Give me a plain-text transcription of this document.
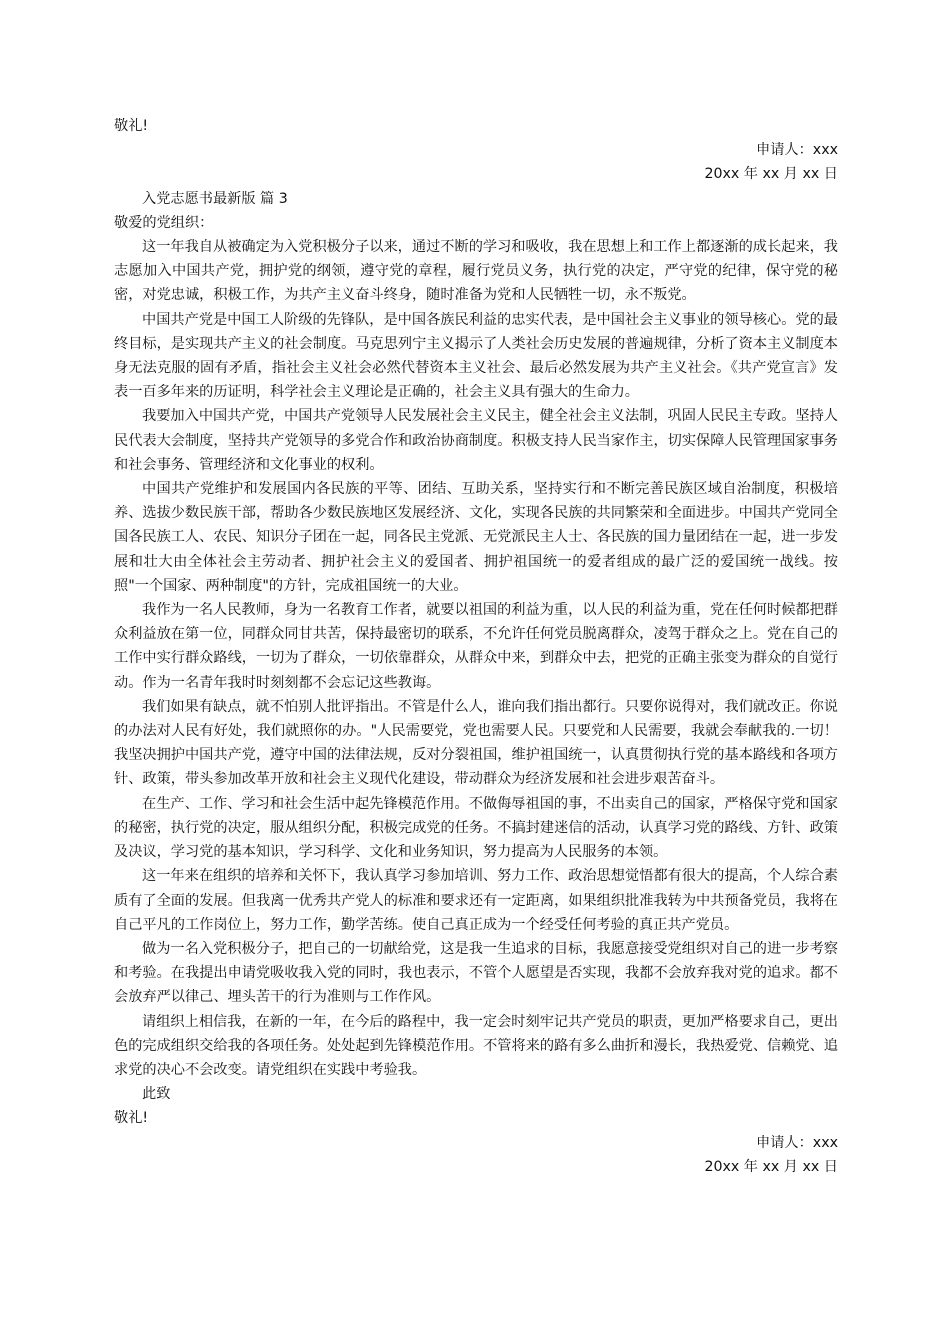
敬礼!

申请人：xxx

20xx 年 xx 月 xx 日

入党志愿书最新版 篇 3

敬爱的党组织：

这一年我自从被确定为入党积极分子以来，通过不断的学习和吸收，我在思想上和工作上都逐渐的成长起来，我志愿加入中国共产党，拥护党的纲领，遵守党的章程，履行党员义务，执行党的决定，严守党的纪律，保守党的秘密，对党忠诚，积极工作，为共产主义奋斗终身，随时准备为党和人民牺牲一切，永不叛党。

中国共产党是中国工人阶级的先锋队，是中国各族民利益的忠实代表，是中国社会主义事业的领导核心。党的最终目标，是实现共产主义的社会制度。马克思列宁主义揭示了人类社会历史发展的普遍规律，分析了资本主义制度本身无法克服的固有矛盾，指社会主义社会必然代替资本主义社会、最后必然发展为共产主义社会。《共产党宣言》发表一百多年来的历证明，科学社会主义理论是正确的，社会主义具有强大的生命力。

我要加入中国共产党，中国共产党领导人民发展社会主义民主，健全社会主义法制，巩固人民民主专政。坚持人民代表大会制度，坚持共产党领导的多党合作和政治协商制度。积极支持人民当家作主，切实保障人民管理国家事务和社会事务、管理经济和文化事业的权利。

中国共产党维护和发展国内各民族的平等、团结、互助关系，坚持实行和不断完善民族区域自治制度，积极培养、选拔少数民族干部，帮助各少数民族地区发展经济、文化，实现各民族的共同繁荣和全面进步。中国共产党同全国各民族工人、农民、知识分子团在一起，同各民主党派、无党派民主人士、各民族的国力量团结在一起，进一步发展和壮大由全体社会主劳动者、拥护社会主义的爱国者、拥护祖国统一的爱者组成的最广泛的爱国统一战线。按照"一个国家、两种制度"的方针，完成祖国统一的大业。

我作为一名人民教师，身为一名教育工作者，就要以祖国的利益为重，以人民的利益为重，党在任何时候都把群众利益放在第一位，同群众同甘共苦，保持最密切的联系，不允许任何党员脱离群众，凌驾于群众之上。党在自己的工作中实行群众路线，一切为了群众，一切依靠群众，从群众中来，到群众中去，把党的正确主张变为群众的自觉行动。作为一名青年我时时刻刻都不会忘记这些教诲。

我们如果有缺点，就不怕别人批评指出。不管是什么人，谁向我们指出都行。只要你说得对，我们就改正。你说的办法对人民有好处，我们就照你的办。"人民需要党，党也需要人民。只要党和人民需要，我就会奉献我的.一切！我坚决拥护中国共产党，遵守中国的法律法规，反对分裂祖国，维护祖国统一，认真贯彻执行党的基本路线和各项方针、政策，带头参加改革开放和社会主义现代化建设，带动群众为经济发展和社会进步艰苦奋斗。

在生产、工作、学习和社会生活中起先锋模范作用。不做侮辱祖国的事，不出卖自己的国家，严格保守党和国家的秘密，执行党的决定，服从组织分配，积极完成党的任务。不搞封建迷信的活动，认真学习党的路线、方针、政策及决议，学习党的基本知识，学习科学、文化和业务知识，努力提高为人民服务的本领。

这一年来在组织的培养和关怀下，我认真学习参加培训、努力工作、政治思想觉悟都有很大的提高，个人综合素质有了全面的发展。但我离一优秀共产党人的标准和要求还有一定距离，如果组织批准我转为中共预备党员，我将在自己平凡的工作岗位上，努力工作，勤学苦练。使自己真正成为一个经受任何考验的真正共产党员。

做为一名入党积极分子，把自己的一切献给党，这是我一生追求的目标，我愿意接受党组织对自己的进一步考察和考验。在我提出申请党吸收我入党的同时，我也表示，不管个人愿望是否实现，我都不会放弃我对党的追求。都不会放弃严以律己、埋头苦干的行为准则与工作作风。

请组织上相信我，在新的一年，在今后的路程中，我一定会时刻牢记共产党员的职责，更加严格要求自己，更出色的完成组织交给我的各项任务。处处起到先锋模范作用。不管将来的路有多么曲折和漫长，我热爱党、信赖党、追求党的决心不会改变。请党组织在实践中考验我。

此致

敬礼!

申请人：xxx

20xx 年 xx 月 xx 日
